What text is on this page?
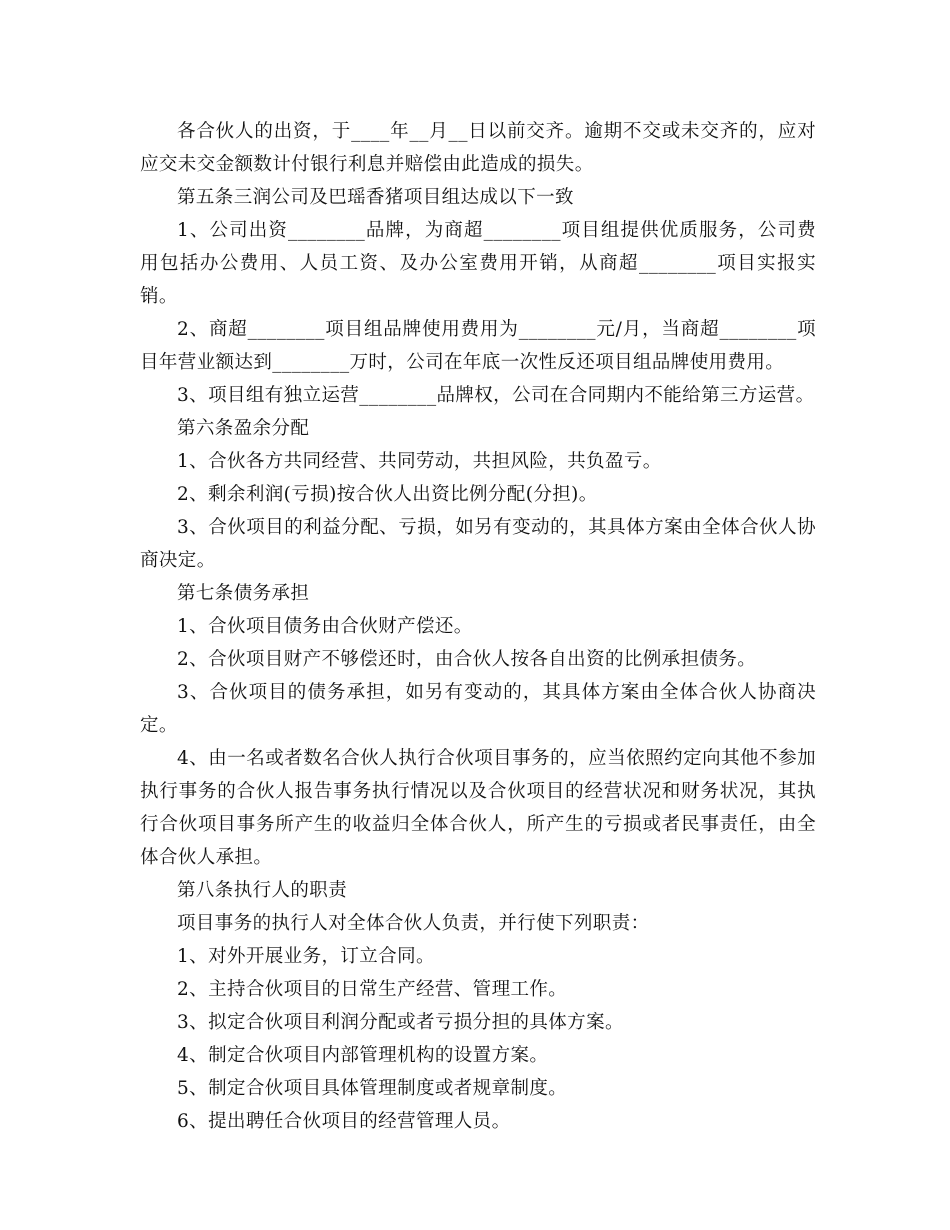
各合伙人的出资，于____年__月__日以前交齐。逾期不交或未交齐的，应对应交未交金额数计付银行利息并赔偿由此造成的损失。

第五条三润公司及巴瑶香猪项目组达成以下一致

1、公司出资________品牌，为商超________项目组提供优质服务，公司费用包括办公费用、人员工资、及办公室费用开销，从商超________项目实报实销。

2、商超________项目组品牌使用费用为________元/月，当商超________项目年营业额达到________万时，公司在年底一次性反还项目组品牌使用费用。

3、项目组有独立运营________品牌权，公司在合同期内不能给第三方运营。

第六条盈余分配

1、合伙各方共同经营、共同劳动，共担风险，共负盈亏。

2、剩余利润(亏损)按合伙人出资比例分配(分担)。

3、合伙项目的利益分配、亏损，如另有变动的，其具体方案由全体合伙人协商决定。

第七条债务承担

1、合伙项目债务由合伙财产偿还。

2、合伙项目财产不够偿还时，由合伙人按各自出资的比例承担债务。

3、合伙项目的债务承担，如另有变动的，其具体方案由全体合伙人协商决定。

4、由一名或者数名合伙人执行合伙项目事务的，应当依照约定向其他不参加执行事务的合伙人报告事务执行情况以及合伙项目的经营状况和财务状况，其执行合伙项目事务所产生的收益归全体合伙人，所产生的亏损或者民事责任，由全体合伙人承担。

第八条执行人的职责

项目事务的执行人对全体合伙人负责，并行使下列职责：

1、对外开展业务，订立合同。

2、主持合伙项目的日常生产经营、管理工作。

3、拟定合伙项目利润分配或者亏损分担的具体方案。

4、制定合伙项目内部管理机构的设置方案。

5、制定合伙项目具体管理制度或者规章制度。

6、提出聘任合伙项目的经营管理人员。
